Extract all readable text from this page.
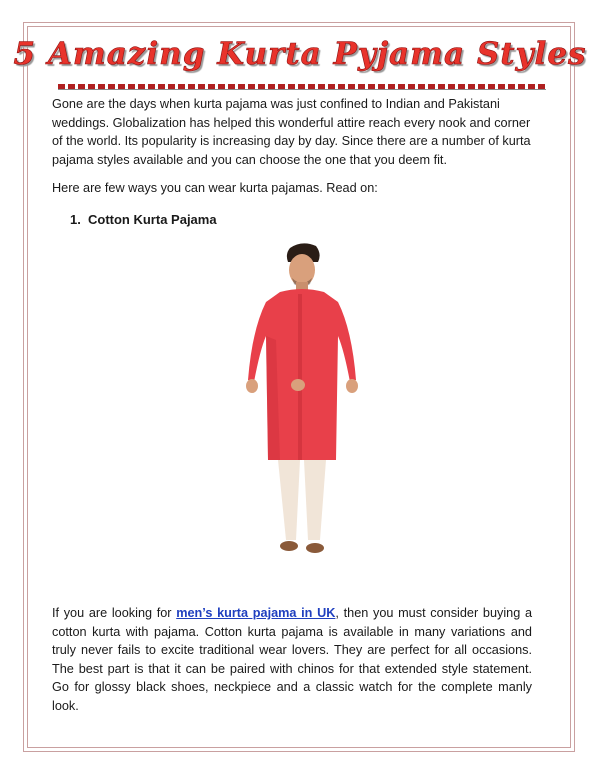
5 Amazing Kurta Pyjama Styles

Gone are the days when kurta pajama was just confined to Indian and Pakistani weddings. Globalization has helped this wonderful attire reach every nook and corner of the world. Its popularity is increasing day by day. Since there are a number of kurta pajama styles available and you can choose the one that you deem fit.

Here are few ways you can wear kurta pajamas. Read on:

1. Cotton Kurta Pajama
If you are looking for men’s kurta pajama in UK, then you must consider buying a cotton kurta with pajama. Cotton kurta pajama is available in many variations and truly never fails to excite traditional wear lovers. They are perfect for all occasions. The best part is that it can be paired with chinos for that extended style statement. Go for glossy black shoes, neckpiece and a classic watch for the complete manly look.
